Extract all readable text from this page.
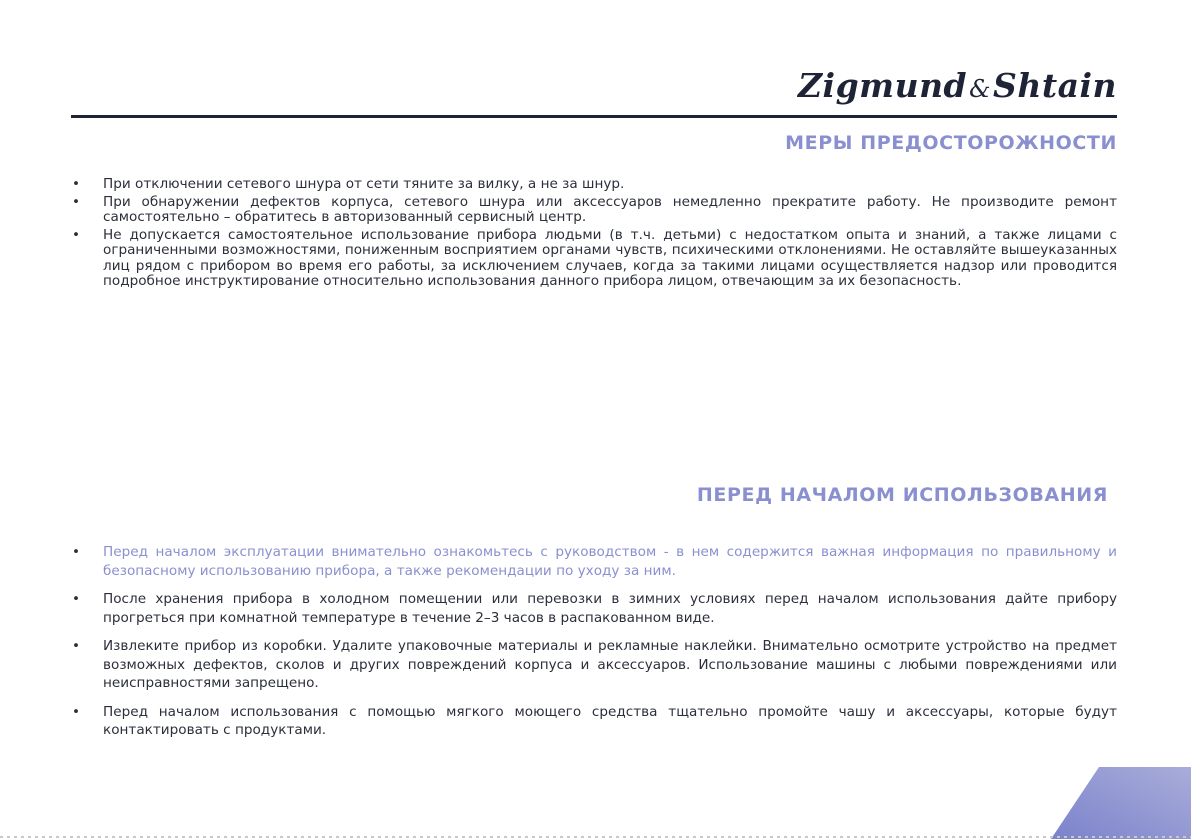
Zigmund&Shtain
МЕРЫ ПРЕДОСТОРОЖНОСТИ
• При отключении сетевого шнура от сети тяните за вилку, а не за шнур.
• При обнаружении дефектов корпуса, сетевого шнура или аксессуаров немедленно прекратите работу. Не производите ремонт самостоятельно – обратитесь в авторизованный сервисный центр.
• Не допускается самостоятельное использование прибора людьми (в т.ч. детьми) с недостатком опыта и знаний, а также лицами с ограниченными возможностями, пониженным восприятием органами чувств, психическими отклонениями. Не оставляйте вышеуказанных лиц рядом с прибором во время его работы, за исключением случаев, когда за такими лицами осуществляется надзор или проводится подробное инструктирование относительно использования данного прибора лицом, отвечающим за их безопасность.
ПЕРЕД НАЧАЛОМ ИСПОЛЬЗОВАНИЯ
• Перед началом эксплуатации внимательно ознакомьтесь с руководством - в нем содержится важная информация по правильному и безопасному использованию прибора, а также рекомендации по уходу за ним.
• После хранения прибора в холодном помещении или перевозки в зимних условиях перед началом использования дайте прибору прогреться при комнатной температуре в течение 2–3 часов в распакованном виде.
• Извлеките прибор из коробки. Удалите упаковочные материалы и рекламные наклейки. Внимательно осмотрите устройство на предмет возможных дефектов, сколов и других повреждений корпуса и аксессуаров. Использование машины с любыми повреждениями или неисправностями запрещено.
• Перед началом использования с помощью мягкого моющего средства тщательно промойте чашу и аксессуары, которые будут контактировать с продуктами.
